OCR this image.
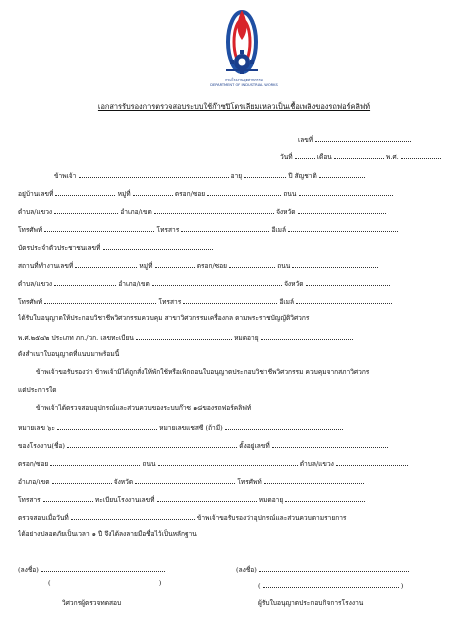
กรมโรงงานอุตสาหกรรม
DEPARTMENT OF INDUSTRIAL WORKS
เอกสารรับรองการตรวจสอบระบบใช้ก๊าซปิโตรเลียมเหลวเป็นเชื้อเพลิงของรถฟอร์คลิฟท์
เลขที่
วันที่	เดือน	พ.ศ.
ข้าพเจ้า	อายุ	ปี สัญชาติ
อยู่บ้านเลขที่	หมู่ที่	ตรอก/ซอย	ถนน
ตำบล/แขวง	อำเภอ/เขต	จังหวัด
โทรศัพท์	โทรสาร	อีเมล์
บัตรประจำตัวประชาชนเลขที่
สถานที่ทำงานเลขที่	หมู่ที่	ตรอก/ซอย	ถนน
ตำบล/แขวง	อำเภอ/เขต	จังหวัด
โทรศัพท์	โทรสาร	อีเมล์
ได้รับใบอนุญาตให้ประกอบวิชาชีพวิศวกรรมควบคุม สาขาวิศวกรรมเครื่องกล ตามพระราชบัญญัติวิศวกร
พ.ศ.๒๕๔๒ ประเภท ภก./วก. เลขทะเบียน	หมดอายุ
ดังสำเนาใบอนุญาตที่แนบมาพร้อมนี้
ข้าพเจ้าขอรับรองว่า ข้าพเจ้ามิได้ถูกสั่งให้พักใช้หรือเพิกถอนใบอนุญาตประกอบวิชาชีพวิศวกรรม ควบคุมจากสภาวิศวกร
แต่ประการใด
ข้าพเจ้าได้ตรวจสอบอุปกรณ์และส่วนควบของระบบก๊าซ ๑๘ของรถฟอร์คลิฟท์
หมายเลข ๖ะ	หมายเลขแชสซี (ถ้ามี)
ของโรงงาน(ชื่อ)	ตั้งอยู่เลขที่
ตรอก/ซอย	ถนน	ตำบล/แขวง
อำเภอ/เขต	จังหวัด	โทรศัพท์
โทรสาร	ทะเบียนโรงงานเลขที่	หมดอายุ
ตรวจสอบเมื่อวันที่	ข้าพเจ้าขอรับรองว่าอุปกรณ์และส่วนควบตามรายการ
ได้อย่างปลอดภัยเป็นเวลา ๑ ปี จึงได้ลงลายมือชื่อไว้เป็นหลักฐาน
(ลงชื่อ)
(	)
วิศวกรผู้ตรวจทดสอบ
(ลงชื่อ)
(	)
ผู้รับใบอนุญาตประกอบกิจการโรงงาน
